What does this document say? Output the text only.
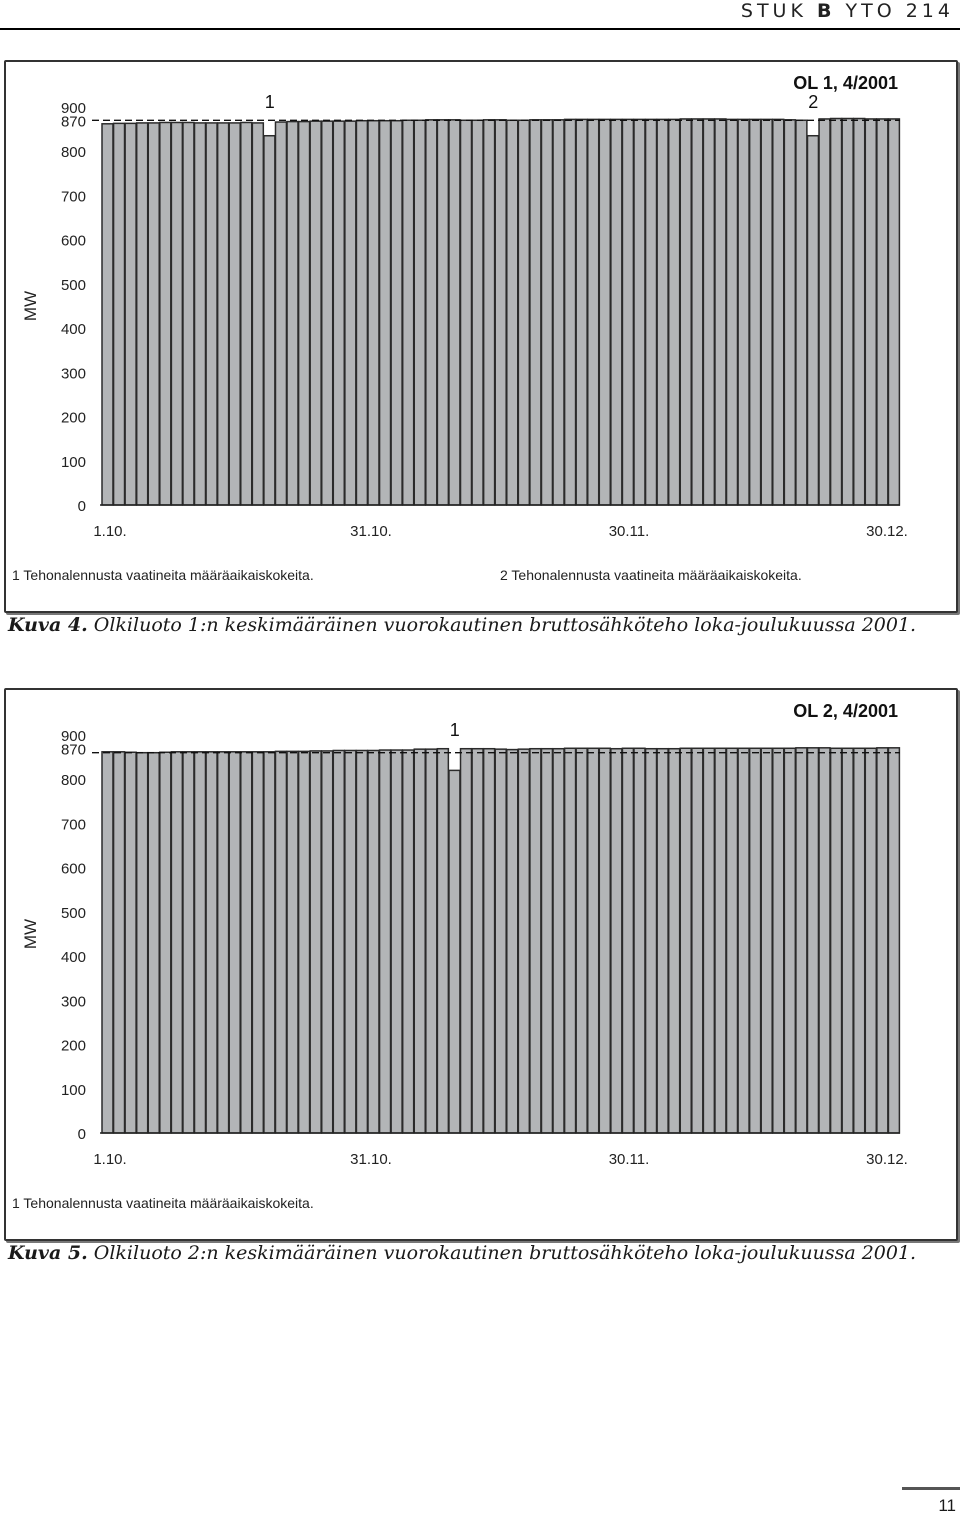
STUK B YTO 214
0
100
200
300
400
500
600
700
800
870
900
MW
OL 1, 4/2001
1	2
1.10.	31.10.	30.11.	30.12.
1 Tehonalennusta vaatineita määräaikaiskokeita.	2 Tehonalennusta vaatineita määräaikaiskokeita.
Kuva 4. Olkiluoto 1:n keskimääräinen vuorokautinen bruttosähköteho loka-joulukuussa 2001.
0
100
200
300
400
500
600
700
800
870
900
MW
OL 2, 4/2001
1
1.10.	31.10.	30.11.	30.12.
1 Tehonalennusta vaatineita määräaikaiskokeita.
Kuva 5. Olkiluoto 2:n keskimääräinen vuorokautinen bruttosähköteho loka-joulukuussa 2001.
11
